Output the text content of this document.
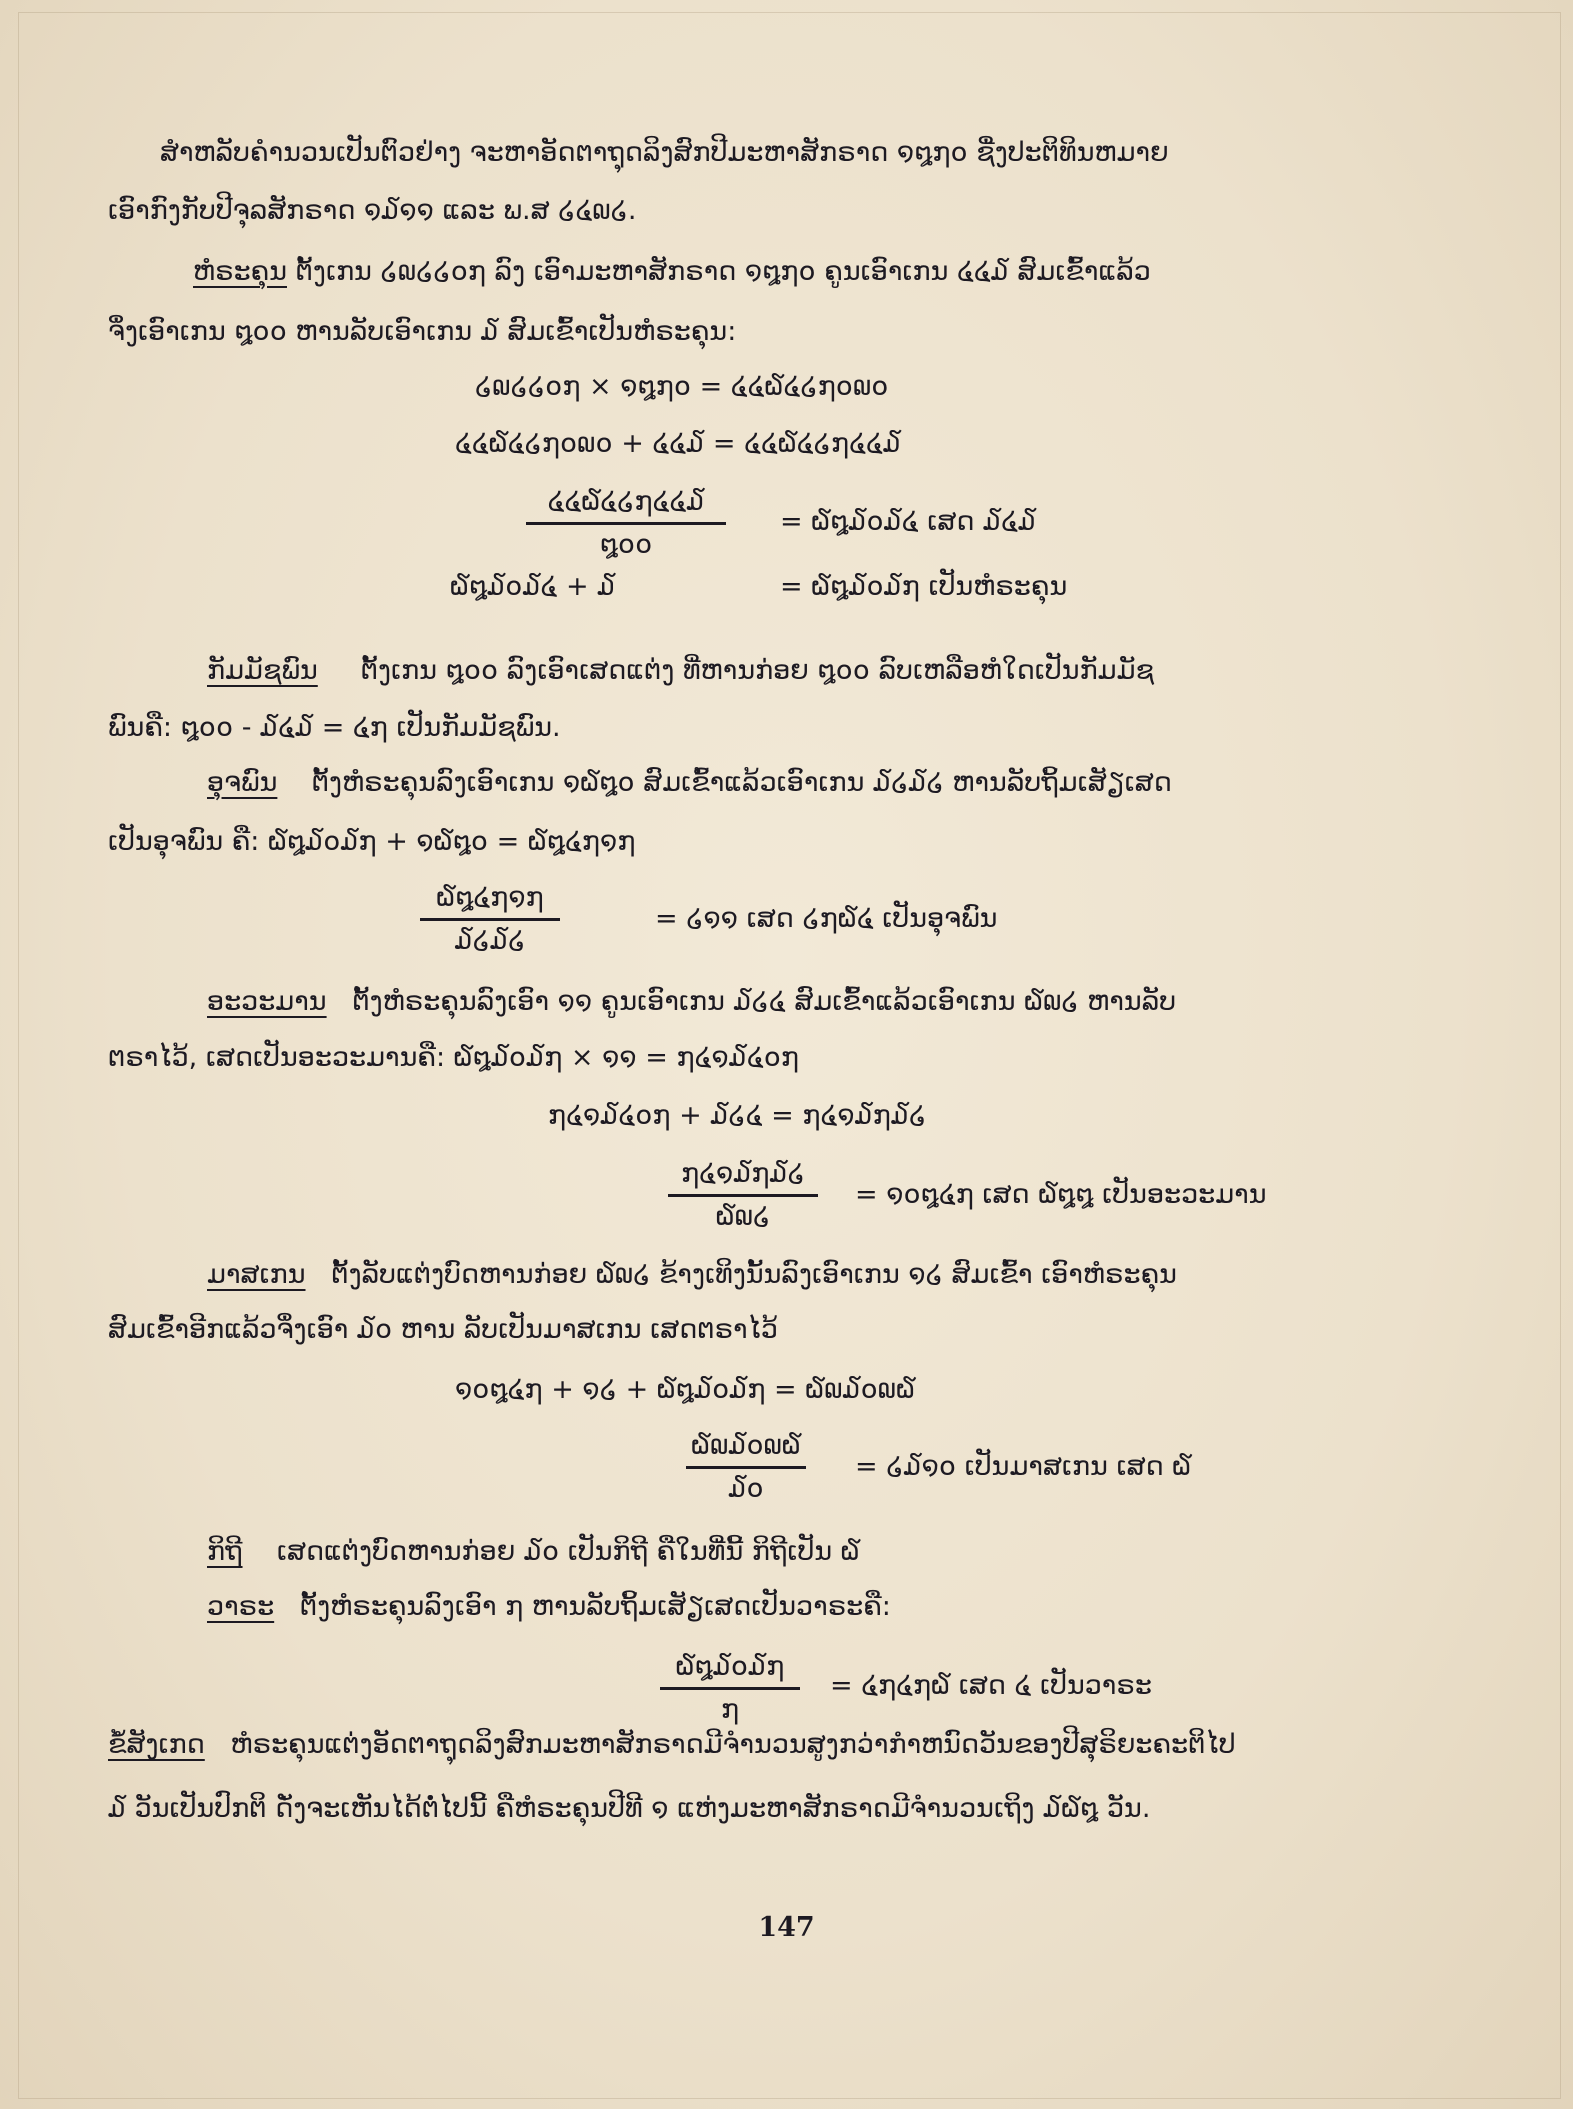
ສຳຫລັບຄຳນວນເປັນຕົວຢ່າງ ຈະຫາອັດຕາຖຸດລິງສົກປີມະຫາສັກຣາດ ໑໘໗໐ ຊື່ງປະຕິທິນຫມາຍ
ເອົາກົງກັບປີຈຸລສັກຣາດ ໑໓໑໑ ແລະ ພ.ສ ໒໔໙໒.
ຫໍຣະຄຸນ ຕັ້ງເກນ ໒໙໒໒໐໗ ລົງ ເອົາມະຫາສັກຣາດ ໑໘໗໐ ຄູນເອົາເກນ ໔໔໓ ສົມເຂົ້າແລ້ວ
ຈຶ່ງເອົາເກນ ໘໐໐ ຫານລັບເອົາເກນ ໓ ສົມເຂົ້າເປັນຫໍຣະຄຸນ:
໒໙໒໒໐໗ × ໑໘໗໐ = ໔໔໖໔໒໗໐໙໐
໔໔໖໔໒໗໐໙໐ + ໔໔໓ = ໔໔໖໔໒໗໔໔໓
໔໔໖໔໒໗໔໔໓
໘໐໐
= ໖໘໓໐໓໔ ເສດ ໓໔໓
໖໘໓໐໓໔ + ໓	= ໖໘໓໐໓໗ ເປັນຫໍຣະຄຸນ
ກັມມັຊພົນ ຕັ້ງເກນ ໘໐໐ ລົງເອົາເສດແຕ່ງ ທີ່ຫານກ່ອຍ ໘໐໐ ລົບເຫລືອຫໍໃດເປັນກັມມັຊ
ພົນຄື: ໘໐໐ - ໓໔໓ = ໔໗ ເປັນກັມມັຊພົນ.
ອຸຈພົນ ຕັ້ງຫໍຣະຄຸນລົງເອົາເກນ ໑໖໘໐ ສົມເຂົ້າແລ້ວເອົາເກນ ໓໒໓໒ ຫານລັບຖິ້ມເສັຽເສດ
ເປັນອຸຈພົນ ຄື: ໖໘໓໐໓໗ + ໑໖໘໐ = ໖໘໔໗໑໗
໖໘໔໗໑໗
໓໒໓໒
= ໒໑໑ ເສດ ໒໗໖໔ ເປັນອຸຈພົນ
ອະວະມານ ຕັ້ງຫໍຣະຄຸນລົງເອົາ ໑໑ ຄູນເອົາເກນ ໓໒໔ ສົມເຂົ້າແລ້ວເອົາເກນ ໖໙໒ ຫານລັບ
ຕຣາໄວ້, ເສດເປັນອະວະມານຄື: ໖໘໓໐໓໗ × ໑໑ = ໗໔໑໓໔໐໗
໗໔໑໓໔໐໗ + ໓໒໔ = ໗໔໑໓໗໓໒
໗໔໑໓໗໓໒
໖໙໒
= ໑໐໘໔໗ ເສດ ໖໘໘ ເປັນອະວະມານ
ມາສເກນ ຕັ້ງລັບແຕ່ງບົດຫານກ່ອຍ ໖໙໒ ຂ້າງເທິງນັ້ນລົງເອົາເກນ ໑໒ ສົມເຂົ້າ ເອົາຫໍຣະຄຸນ
ສົມເຂົ້າອີກແລ້ວຈຶ່ງເອົາ ໓໐ ຫານ ລັບເປັນມາສເກນ ເສດຕຣາໄວ້
໑໐໘໔໗ + ໑໒ + ໖໘໓໐໓໗ = ໖໙໓໐໙໖
໖໙໓໐໙໖
໓໐
= ໒໓໑໐ ເປັນມາສເກນ ເສດ ໖
ກິຖີ ເສດແຕ່ງບົດຫານກ່ອຍ ໓໐ ເປັນກິຖີ ຄືໃນທີ່ນີ້ ກິຖີເປັນ ໖
ວາຣະ ຕັ້ງຫໍຣະຄຸນລົງເອົາ ໗ ຫານລັບຖິ້ມເສັຽເສດເປັນວາຣະຄື:
໖໘໓໐໓໗
໗
= ໔໗໔໗໖ ເສດ ໔ ເປັນວາຣະ
ຂໍ້ສັງເກດ ຫໍຣະຄຸນແຕ່ງອັດຕາຖຸດລິງສົກມະຫາສັກຣາດມີຈຳນວນສູງກວ່າກຳຫນົດວັນຂອງປີສຸຣິຍະຄະຕິໄປ
໓ ວັນເປັນປົກຕິ ດັ່ງຈະເຫັນໄດ້ຕໍ່ໄປນີ້ ຄືຫໍຣະຄຸນປີທີ ໑ ແຫ່ງມະຫາສັກຣາດມີຈຳນວນເຖິງ ໓໖໘ ວັນ.
147
